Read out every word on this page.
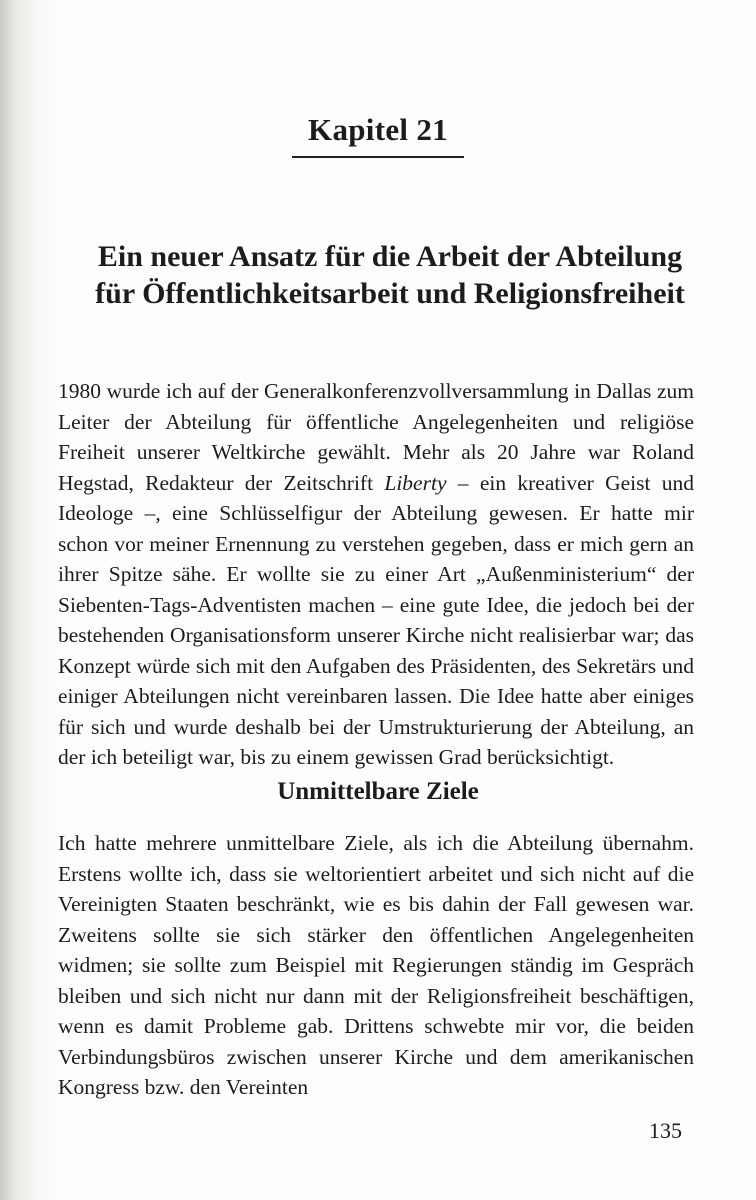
Kapitel 21
Ein neuer Ansatz für die Arbeit der Abteilung
für Öffentlichkeitsarbeit und Religionsfreiheit
1980 wurde ich auf der Generalkonferenzvollversammlung in Dallas zum Leiter der Abteilung für öffentliche Angelegenheiten und religiöse Freiheit unserer Weltkirche gewählt. Mehr als 20 Jahre war Roland Hegstad, Redakteur der Zeitschrift Liberty – ein kreativer Geist und Ideologe –, eine Schlüsselfigur der Abteilung gewesen. Er hatte mir schon vor meiner Ernennung zu verstehen gegeben, dass er mich gern an ihrer Spitze sähe. Er wollte sie zu einer Art „Außenministerium“ der Siebenten-Tags-Adventisten machen – eine gute Idee, die jedoch bei der bestehenden Organisationsform unserer Kirche nicht realisierbar war; das Konzept würde sich mit den Aufgaben des Präsidenten, des Sekretärs und einiger Abteilungen nicht vereinbaren lassen. Die Idee hatte aber einiges für sich und wurde deshalb bei der Umstrukturierung der Abteilung, an der ich beteiligt war, bis zu einem gewissen Grad berücksichtigt.
Unmittelbare Ziele
Ich hatte mehrere unmittelbare Ziele, als ich die Abteilung übernahm. Erstens wollte ich, dass sie weltorientiert arbeitet und sich nicht auf die Vereinigten Staaten beschränkt, wie es bis dahin der Fall gewesen war. Zweitens sollte sie sich stärker den öffentlichen Angelegenheiten widmen; sie sollte zum Beispiel mit Regierungen ständig im Gespräch bleiben und sich nicht nur dann mit der Religionsfreiheit beschäftigen, wenn es damit Probleme gab. Drittens schwebte mir vor, die beiden Verbindungsbüros zwischen unserer Kirche und dem amerikanischen Kongress bzw. den Vereinten
135
